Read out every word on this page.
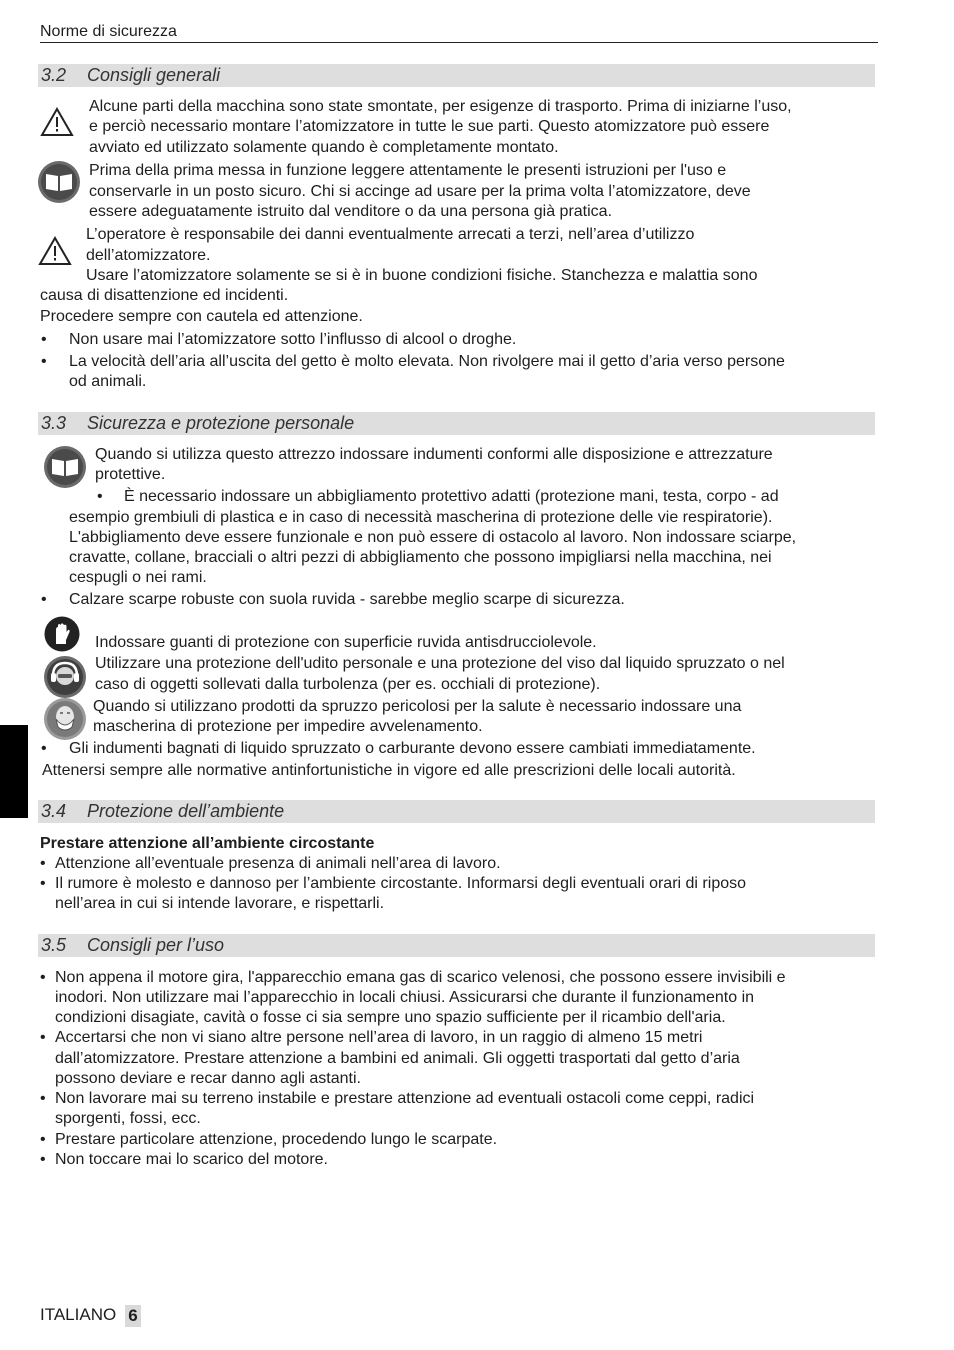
Norme di sicurezza
3.2 Consigli generali
Alcune parti della macchina sono state smontate, per esigenze di trasporto. Prima di iniziarne l’uso,
e perciò necessario montare l’atomizzatore in tutte le sue parti. Questo atomizzatore può essere
avviato ed utilizzato solamente quando è completamente montato.
Prima della prima messa in funzione leggere attentamente le presenti istruzioni per l'uso e
conservarle in un posto sicuro. Chi si accinge ad usare per la prima volta l’atomizzatore, deve
essere adeguatamente istruito dal venditore o da una persona già pratica.
L’operatore è responsabile dei danni eventualmente arrecati a terzi, nell’area d’utilizzo
dell’atomizzatore.
Usare l’atomizzatore solamente se si è in buone condizioni fisiche. Stanchezza e malattia sono
causa di disattenzione ed incidenti.
Procedere sempre con cautela ed attenzione.
• Non usare mai l’atomizzatore sotto l’influsso di alcool o droghe.
• La velocità dell’aria all’uscita del getto è molto elevata. Non rivolgere mai il getto d’aria verso persone
od animali.
3.3 Sicurezza e protezione personale
Quando si utilizza questo attrezzo indossare indumenti conformi alle disposizione e attrezzature
protettive.
• È necessario indossare un abbigliamento protettivo adatti (protezione mani, testa, corpo - ad
esempio grembiuli di plastica e in caso di necessità mascherina di protezione delle vie respiratorie).
L'abbigliamento deve essere funzionale e non può essere di ostacolo al lavoro. Non indossare sciarpe,
cravatte, collane, bracciali o altri pezzi di abbigliamento che possono impigliarsi nella macchina, nei
cespugli o nei rami.
• Calzare scarpe robuste con suola ruvida - sarebbe meglio scarpe di sicurezza.
Indossare guanti di protezione con superficie ruvida antisdrucciolevole.
Utilizzare una protezione dell'udito personale e una protezione del viso dal liquido spruzzato o nel
caso di oggetti sollevati dalla turbolenza (per es. occhiali di protezione).
Quando si utilizzano prodotti da spruzzo pericolosi per la salute è necessario indossare una
mascherina di protezione per impedire avvelenamento.
• Gli indumenti bagnati di liquido spruzzato o carburante devono essere cambiati immediatamente.
Attenersi sempre alle normative antinfortunistiche in vigore ed alle prescrizioni delle locali autorità.
3.4 Protezione dell’ambiente
Prestare attenzione all’ambiente circostante
• Attenzione all’eventuale presenza di animali nell’area di lavoro.
• Il rumore è molesto e dannoso per l’ambiente circostante. Informarsi degli eventuali orari di riposo
nell’area in cui si intende lavorare, e rispettarli.
3.5 Consigli per l’uso
• Non appena il motore gira, l'apparecchio emana gas di scarico velenosi, che possono essere invisibili e
inodori. Non utilizzare mai l’apparecchio in locali chiusi. Assicurarsi che durante il funzionamento in
condizioni disagiate, cavità o fosse ci sia sempre uno spazio sufficiente per il ricambio dell'aria.
• Accertarsi che non vi siano altre persone nell’area di lavoro, in un raggio di almeno 15 metri
dall’atomizzatore. Prestare attenzione a bambini ed animali. Gli oggetti trasportati dal getto d’aria
possono deviare e recar danno agli astanti.
• Non lavorare mai su terreno instabile e prestare attenzione ad eventuali ostacoli come ceppi, radici
sporgenti, fossi, ecc.
• Prestare particolare attenzione, procedendo lungo le scarpate.
• Non toccare mai lo scarico del motore.
ITALIANO 6
